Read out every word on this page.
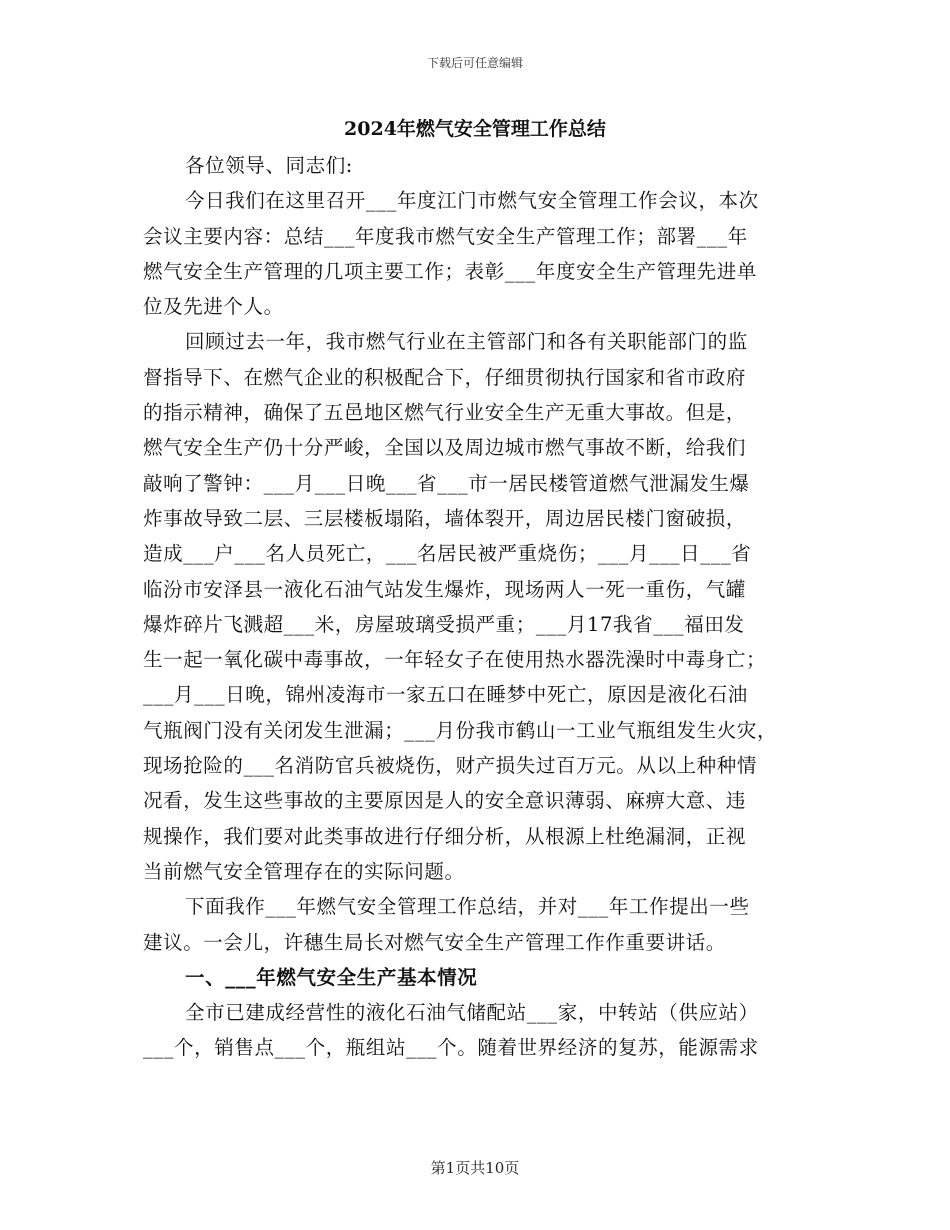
下载后可任意编辑
2024年燃气安全管理工作总结
各位领导、同志们:
今日我们在这里召开___年度江门市燃气安全管理工作会议，本次
会议主要内容：总结___年度我市燃气安全生产管理工作；部署___年
燃气安全生产管理的几项主要工作；表彰___年度安全生产管理先进单
位及先进个人。
回顾过去一年，我市燃气行业在主管部门和各有关职能部门的监
督指导下、在燃气企业的积极配合下，仔细贯彻执行国家和省市政府
的指示精神，确保了五邑地区燃气行业安全生产无重大事故。但是，
燃气安全生产仍十分严峻，全国以及周边城市燃气事故不断，给我们
敲响了警钟：___月___日晚___省___市一居民楼管道燃气泄漏发生爆
炸事故导致二层、三层楼板塌陷，墙体裂开，周边居民楼门窗破损，
造成___户___名人员死亡，___名居民被严重烧伤；___月___日___省
临汾市安泽县一液化石油气站发生爆炸，现场两人一死一重伤，气罐
爆炸碎片飞溅超___米，房屋玻璃受损严重；___月17我省___福田发
生一起一氧化碳中毒事故，一年轻女子在使用热水器洗澡时中毒身亡；
___月___日晚，锦州凌海市一家五口在睡梦中死亡，原因是液化石油
气瓶阀门没有关闭发生泄漏；___月份我市鹤山一工业气瓶组发生火灾，
现场抢险的___名消防官兵被烧伤，财产损失过百万元。从以上种种情
况看，发生这些事故的主要原因是人的安全意识薄弱、麻痹大意、违
规操作，我们要对此类事故进行仔细分析，从根源上杜绝漏洞，正视
当前燃气安全管理存在的实际问题。
下面我作___年燃气安全管理工作总结，并对___年工作提出一些
建议。一会儿，许穗生局长对燃气安全生产管理工作作重要讲话。
一、___年燃气安全生产基本情况
全市已建成经营性的液化石油气储配站___家，中转站（供应站）
___个，销售点___个，瓶组站___个。随着世界经济的复苏，能源需求
第1页共10页
